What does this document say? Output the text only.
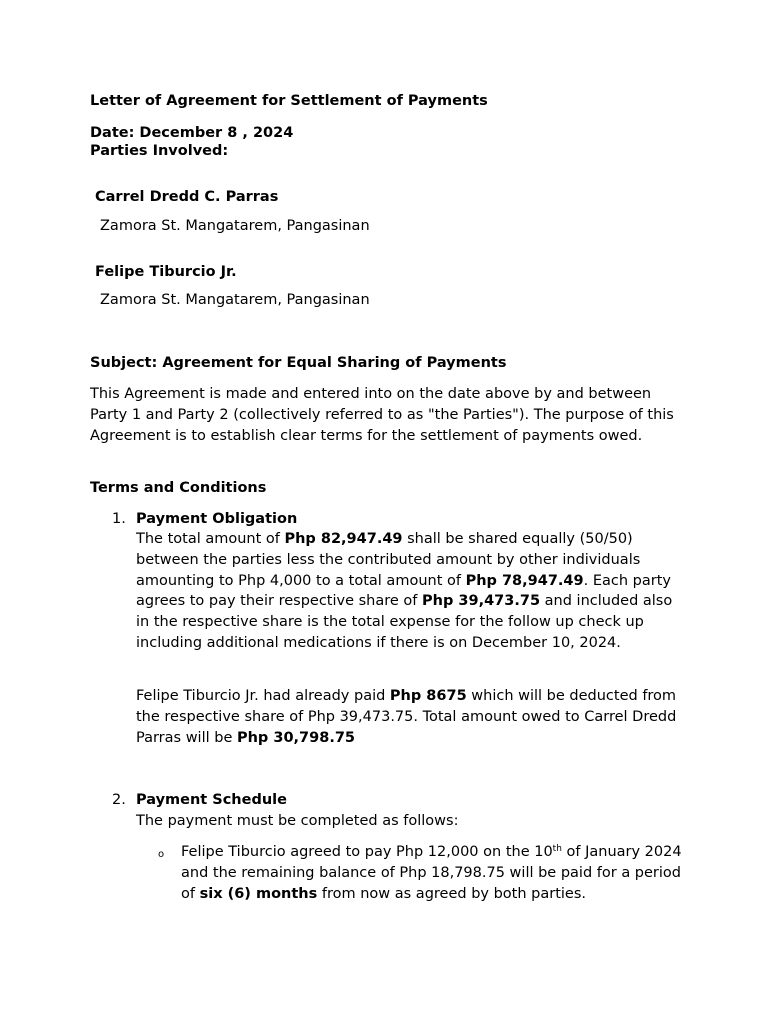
Letter of Agreement for Settlement of Payments
Date: December 8 , 2024
Parties Involved:
Carrel Dredd C. Parras
Zamora St. Mangatarem, Pangasinan
Felipe Tiburcio Jr.
Zamora St. Mangatarem, Pangasinan
Subject: Agreement for Equal Sharing of Payments

This Agreement is made and entered into on the date above by and between Party 1 and Party 2 (collectively referred to as "the Parties"). The purpose of this Agreement is to establish clear terms for the settlement of payments owed.

Terms and Conditions
1. Payment Obligation

The total amount of Php 82,947.49 shall be shared equally (50/50) between the parties less the contributed amount by other individuals amounting to Php 4,000 to a total amount of Php 78,947.49. Each party agrees to pay their respective share of Php 39,473.75 and included also in the respective share is the total expense for the follow up check up including additional medications if there is on December 10, 2024.

Felipe Tiburcio Jr. had already paid Php 8675 which will be deducted from the respective share of Php 39,473.75. Total amount owed to Carrel Dredd Parras will be Php 30,798.75

2. Payment Schedule
The payment must be completed as follows:
o Felipe Tiburcio agreed to pay Php 12,000 on the 10th of January 2024 and the remaining balance of Php 18,798.75 will be paid for a period of six (6) months from now as agreed by both parties.
